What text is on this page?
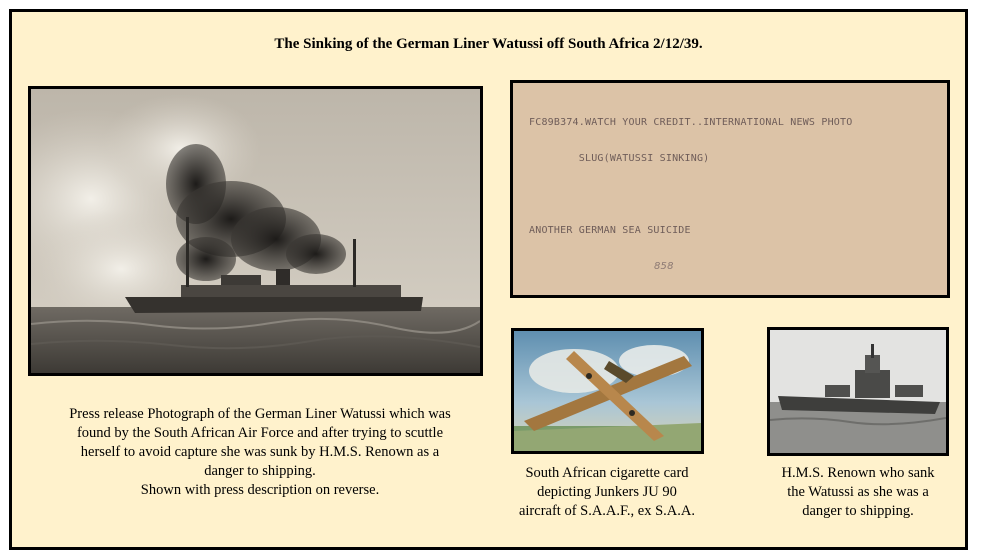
The Sinking of the German Liner Watussi off South Africa 2/12/39.

FC89B374.WATCH YOUR CREDIT..INTERNATIONAL NEWS PHOTO

SLUG(WATUSSI SINKING)

ANOTHER GERMAN SEA SUICIDE

858

Press release Photograph of the German Liner Watussi which was
found by the South African Air Force and after trying to scuttle
herself to avoid capture she was sunk by H.M.S. Renown as a
danger to shipping.
Shown with press description on reverse.
South African cigarette card
depicting Junkers JU 90
aircraft of S.A.A.F., ex S.A.A.
H.M.S. Renown who sank
the Watussi as she was a
danger to shipping.
